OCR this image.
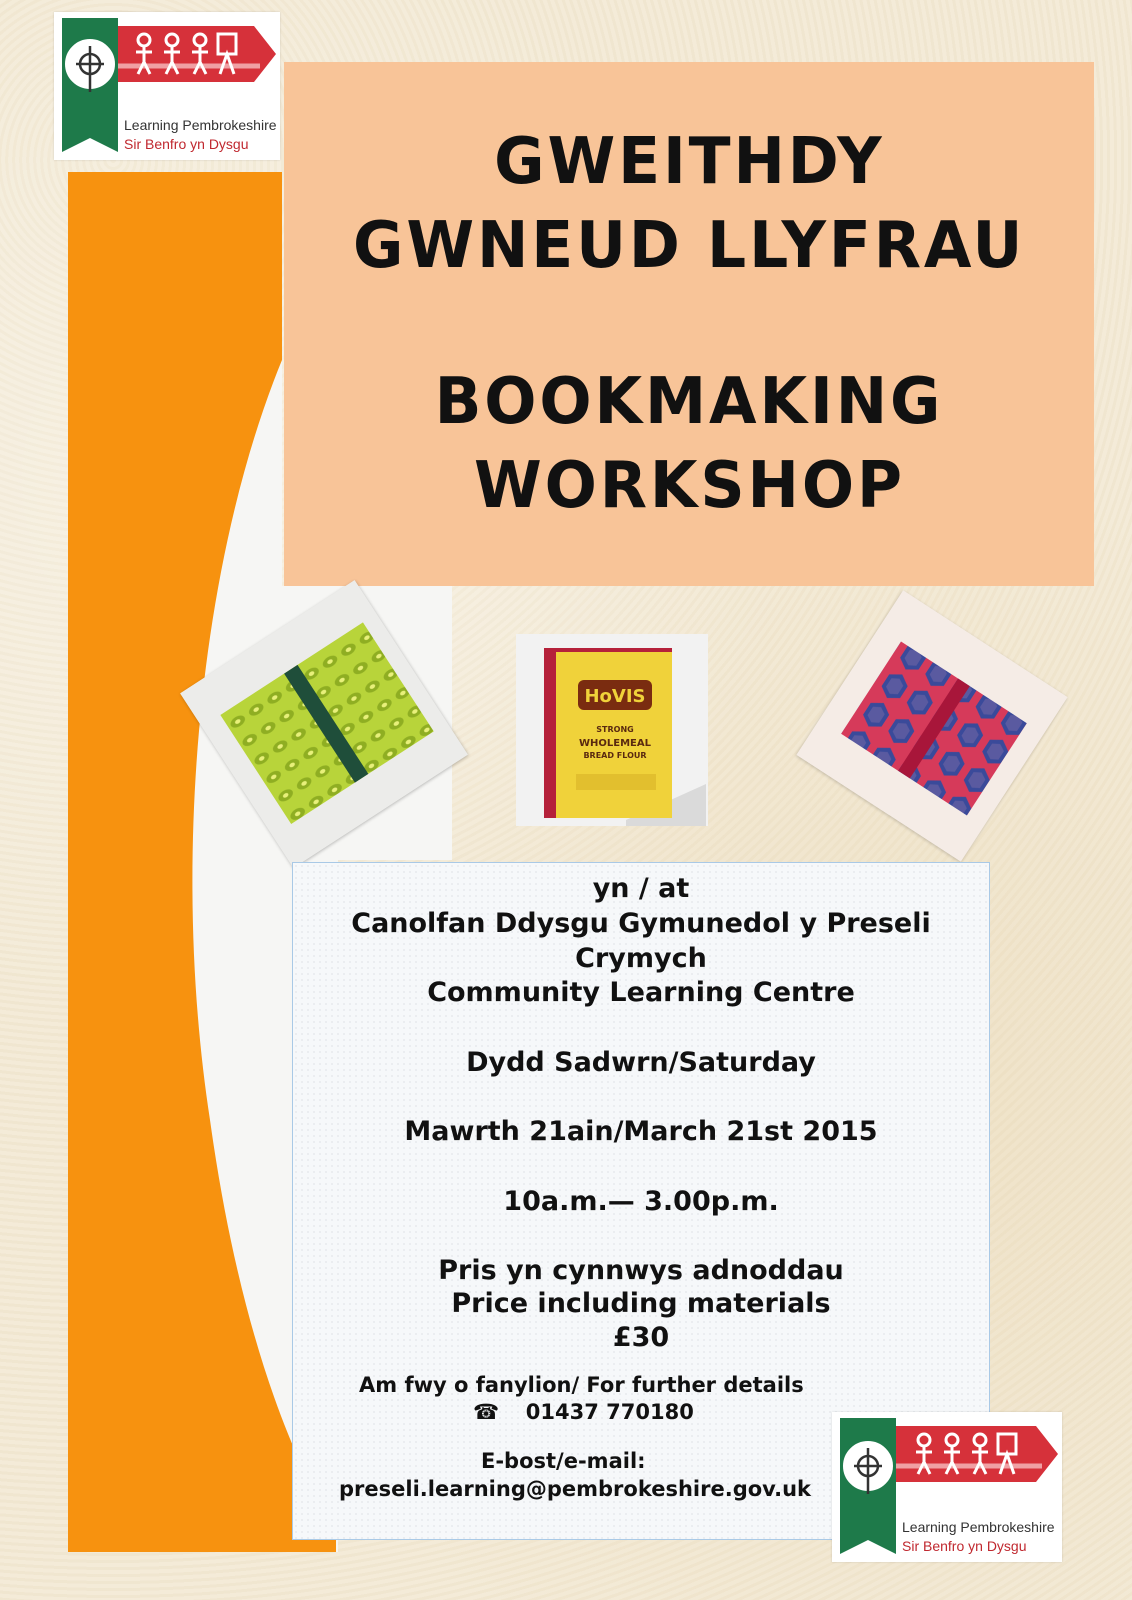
Learning Pembrokeshire
Sir Benfro yn Dysgu	GWEITHDY
GWNEUD LLYFRAU
BOOKMAKING
WORKSHOP
HoVIS
STRONG
WHOLEMEAL
BREAD FLOUR
yn / at
Canolfan Ddysgu Gymunedol y Preseli
Crymych
Community Learning Centre
Dydd Sadwrn/Saturday
Mawrth 21ain/March 21st 2015
10a.m.— 3.00p.m.
Pris yn cynnwys adnoddau
Price including materials
£30
Am fwy o fanylion/ For further details
☎ 01437 770180
E-bost/e-mail:
preseli.learning@pembrokeshire.gov.uk
Learning Pembrokeshire
Sir Benfro yn Dysgu
